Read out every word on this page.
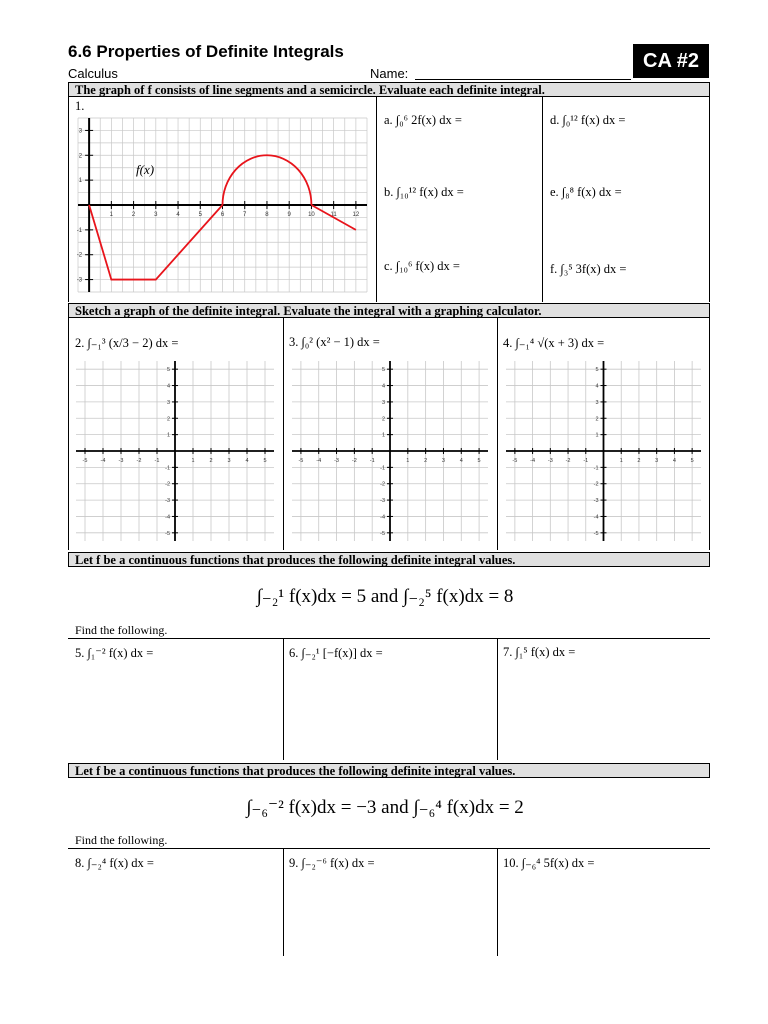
6.6 Properties of Definite Integrals
Calculus	Name:
CA #2
The graph of f consists of line segments and a semicircle. Evaluate each definite integral.
1.
1	2	3	4	5	6	7	8	9	10	11	12
3
2
1
-1
-2
-3
f(x)
a. ∫₀⁶ 2f(x) dx =
b. ∫₁₀¹² f(x) dx =
c. ∫₁₀⁶ f(x) dx =
d. ∫₀¹² f(x) dx =
e. ∫₈⁸ f(x) dx =
f. ∫₃⁵ 3f(x) dx =
Sketch a graph of the definite integral. Evaluate the integral with a graphing calculator.
2. ∫₋₁³ (x/3 − 2) dx =	3. ∫₀² (x² − 1) dx =	4. ∫₋₁⁴ √(x + 3) dx =
-5 -4 -3 -2 -1	1	2	3	4	5
5
4
3
2
1
-1
-2
-3
-4
-5
-5 -4 -3 -2 -1	1	2	3	4	5
5
4
3
2
1
-1
-2
-3
-4
-5
-5 -4 -3 -2 -1	1	2	3	4	5
5
4
3
2
1
-1
-2
-3
-4
-5
Let f be a continuous functions that produces the following definite integral values.
∫₋₂¹ f(x)dx = 5 and ∫₋₂⁵ f(x)dx = 8
Find the following.
5. ∫₁⁻² f(x) dx =	6. ∫₋₂¹ [−f(x)] dx =	7. ∫₁⁵ f(x) dx =
Let f be a continuous functions that produces the following definite integral values.
∫₋₆⁻² f(x)dx = −3 and ∫₋₆⁴ f(x)dx = 2
Find the following.
8. ∫₋₂⁴ f(x) dx =	9. ∫₋₂⁻⁶ f(x) dx =	10. ∫₋₆⁴ 5f(x) dx =
